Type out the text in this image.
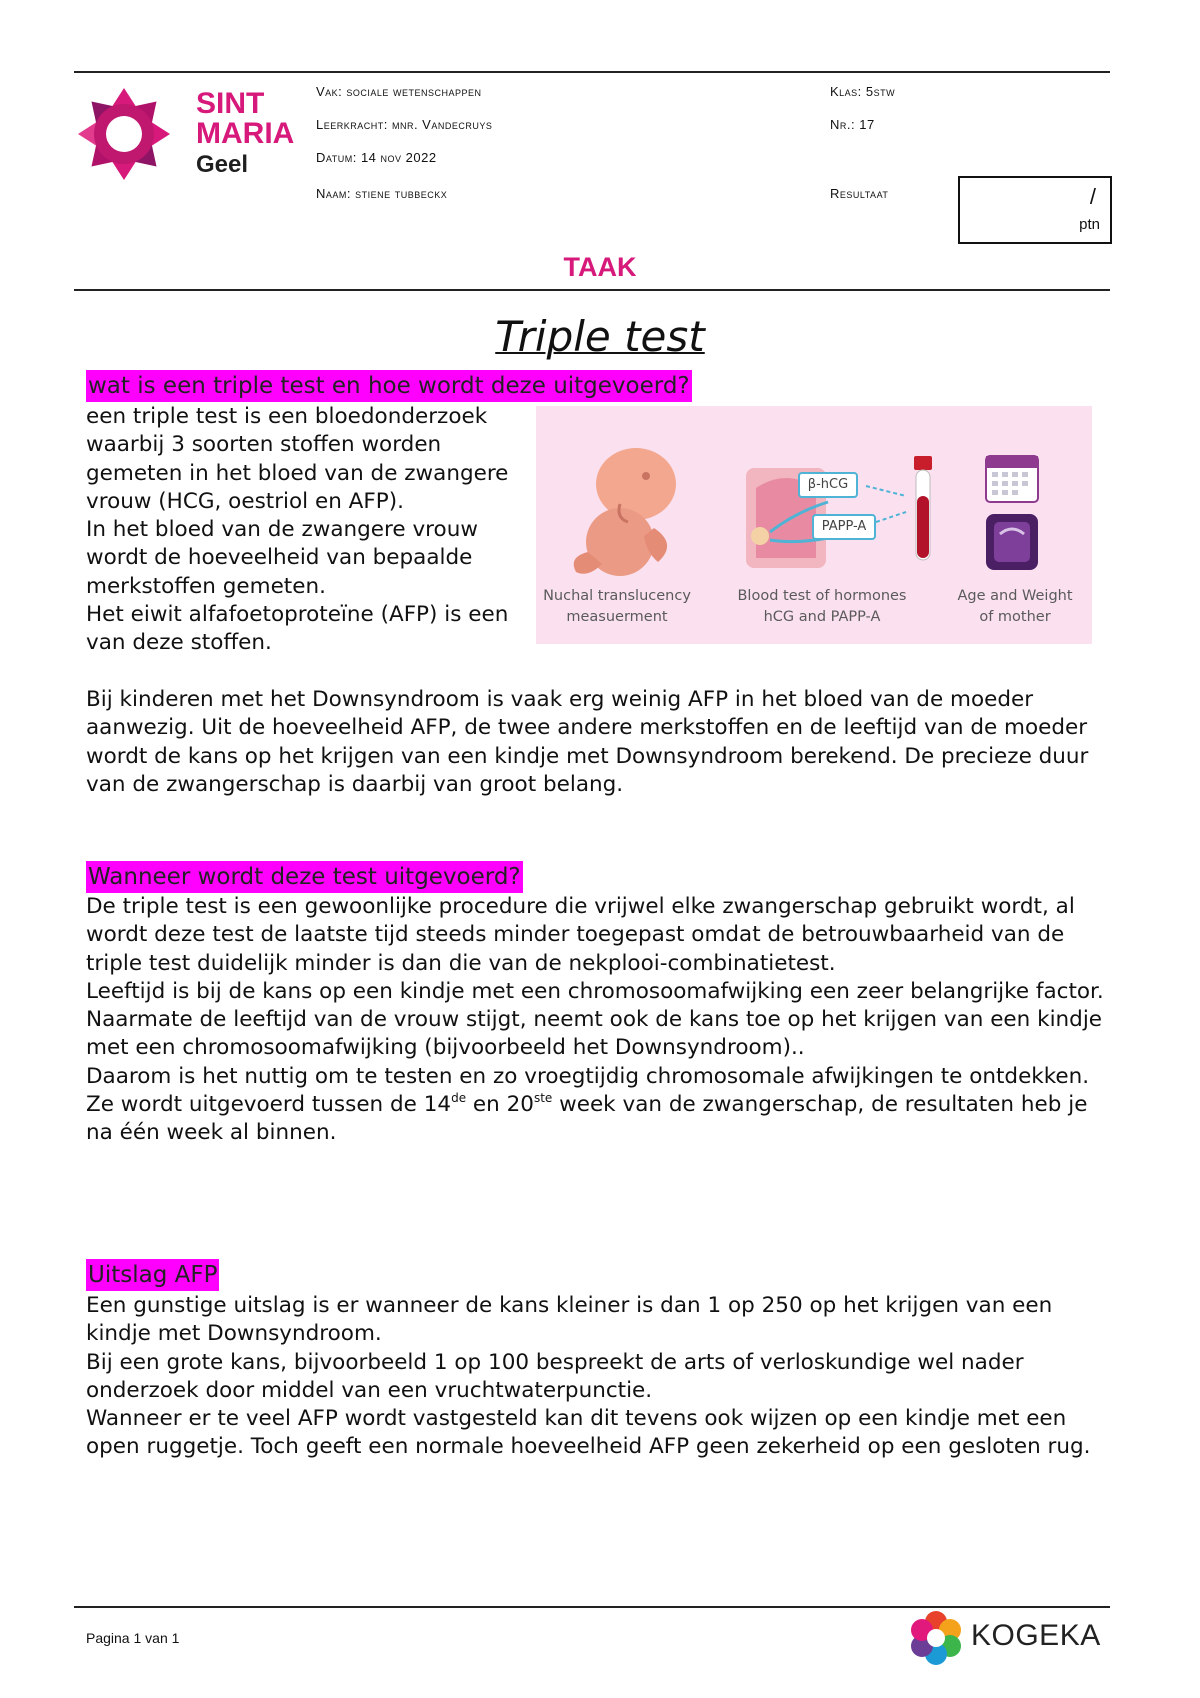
SINT
MARIA
Geel
Vak: sociale wetenschappen
Leerkracht: mnr. Vandecruys
Datum: 14 nov 2022
Naam: stiene tubbeckx
Klas: 5stw
Nr.: 17
Resultaat	/
ptn
TAAK
Triple test
wat is een triple test en hoe wordt deze uitgevoerd?

een triple test is een bloedonderzoek waarbij 3 soorten stoffen worden gemeten in het bloed van de zwangere vrouw (HCG, oestriol en AFP).

In het bloed van de zwangere vrouw wordt de hoeveelheid van bepaalde merkstoffen gemeten.

Het eiwit alfafoetoproteïne (AFP) is een van deze stoffen.

Bij kinderen met het Downsyndroom is vaak erg weinig AFP in het bloed van de moeder aanwezig. Uit de hoeveelheid AFP, de twee andere merkstoffen en de leeftijd van de moeder wordt de kans op het krijgen van een kindje met Downsyndroom berekend. De precieze duur van de zwangerschap is daarbij van groot belang.

β-hCG
PAPP-A
Nuchal translucency
measuerment
Blood test of hormones
hCG and PAPP-A
Age and Weight
of mother
Wanneer wordt deze test uitgevoerd?

De triple test is een gewoonlijke procedure die vrijwel elke zwangerschap gebruikt wordt, al wordt deze test de laatste tijd steeds minder toegepast omdat de betrouwbaarheid van de triple test duidelijk minder is dan die van de nekplooi-combinatietest.

Leeftijd is bij de kans op een kindje met een chromosoomafwijking een zeer belangrijke factor. Naarmate de leeftijd van de vrouw stijgt, neemt ook de kans toe op het krijgen van een kindje met een chromosoomafwijking (bijvoorbeeld het Downsyndroom)..

Daarom is het nuttig om te testen en zo vroegtijdig chromosomale afwijkingen te ontdekken.

Ze wordt uitgevoerd tussen de 14de en 20ste week van de zwangerschap, de resultaten heb je na één week al binnen.

Uitslag AFP

Een gunstige uitslag is er wanneer de kans kleiner is dan 1 op 250 op het krijgen van een kindje met Downsyndroom.

Bij een grote kans, bijvoorbeeld 1 op 100 bespreekt de arts of verloskundige wel nader onderzoek door middel van een vruchtwaterpunctie.

Wanneer er te veel AFP wordt vastgesteld kan dit tevens ook wijzen op een kindje met een open ruggetje. Toch geeft een normale hoeveelheid AFP geen zekerheid op een gesloten rug.

Pagina 1 van 1	KOGEKA
